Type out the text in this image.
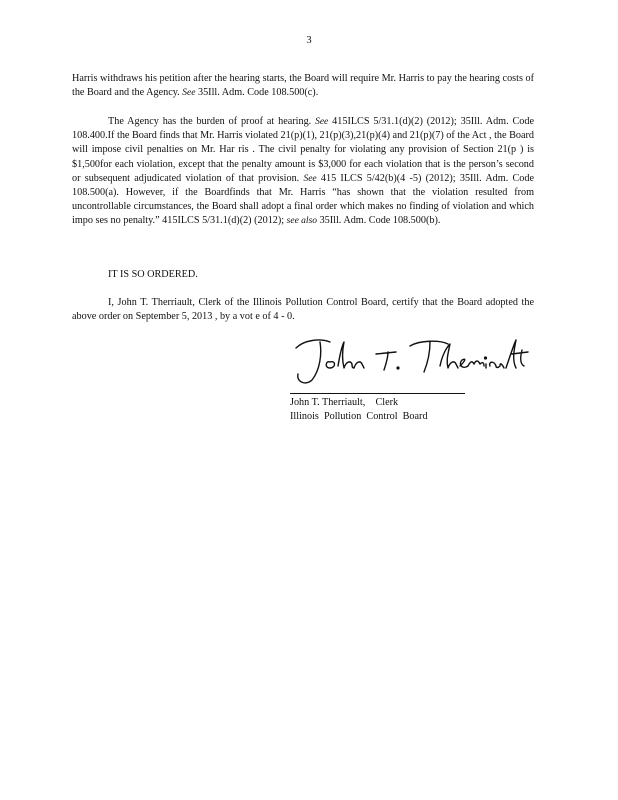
3

Harris withdraws his petition after the hearing starts, the Board will require Mr. Harris to pay the hearing costs of the Board and the Agency. See 35Ill. Adm. Code 108.500(c).

The Agency has the burden of proof at hearing. See 415ILCS 5/31.1(d)(2) (2012); 35Ill. Adm. Code 108.400.If the Board finds that Mr. Harris violated 21(p)(1), 21(p)(3),21(p)(4) and 21(p)(7) of the Act , the Board will impose civil penalties on Mr. Har ris . The civil penalty for violating any provision of Section 21(p ) is $1,500for each violation, except that the penalty amount is $3,000 for each violation that is the person’s second or subsequent adjudicated violation of that provision. See 415 ILCS 5/42(b)(4 -5) (2012); 35Ill. Adm. Code 108.500(a). However, if the Boardfinds that Mr. Harris “has shown that the violation resulted from uncontrollable circumstances, the Board shall adopt a final order which makes no finding of violation and which impo ses no penalty.” 415ILCS 5/31.1(d)(2) (2012); see also 35Ill. Adm. Code 108.500(b).

IT IS SO ORDERED.

I, John T. Therriault, Clerk of the Illinois Pollution Control Board, certify that the Board adopted the above order on September 5, 2013 , by a vot e of 4 - 0.

John T. Therriault,    Clerk
Illinois  Pollution  Control  Board
